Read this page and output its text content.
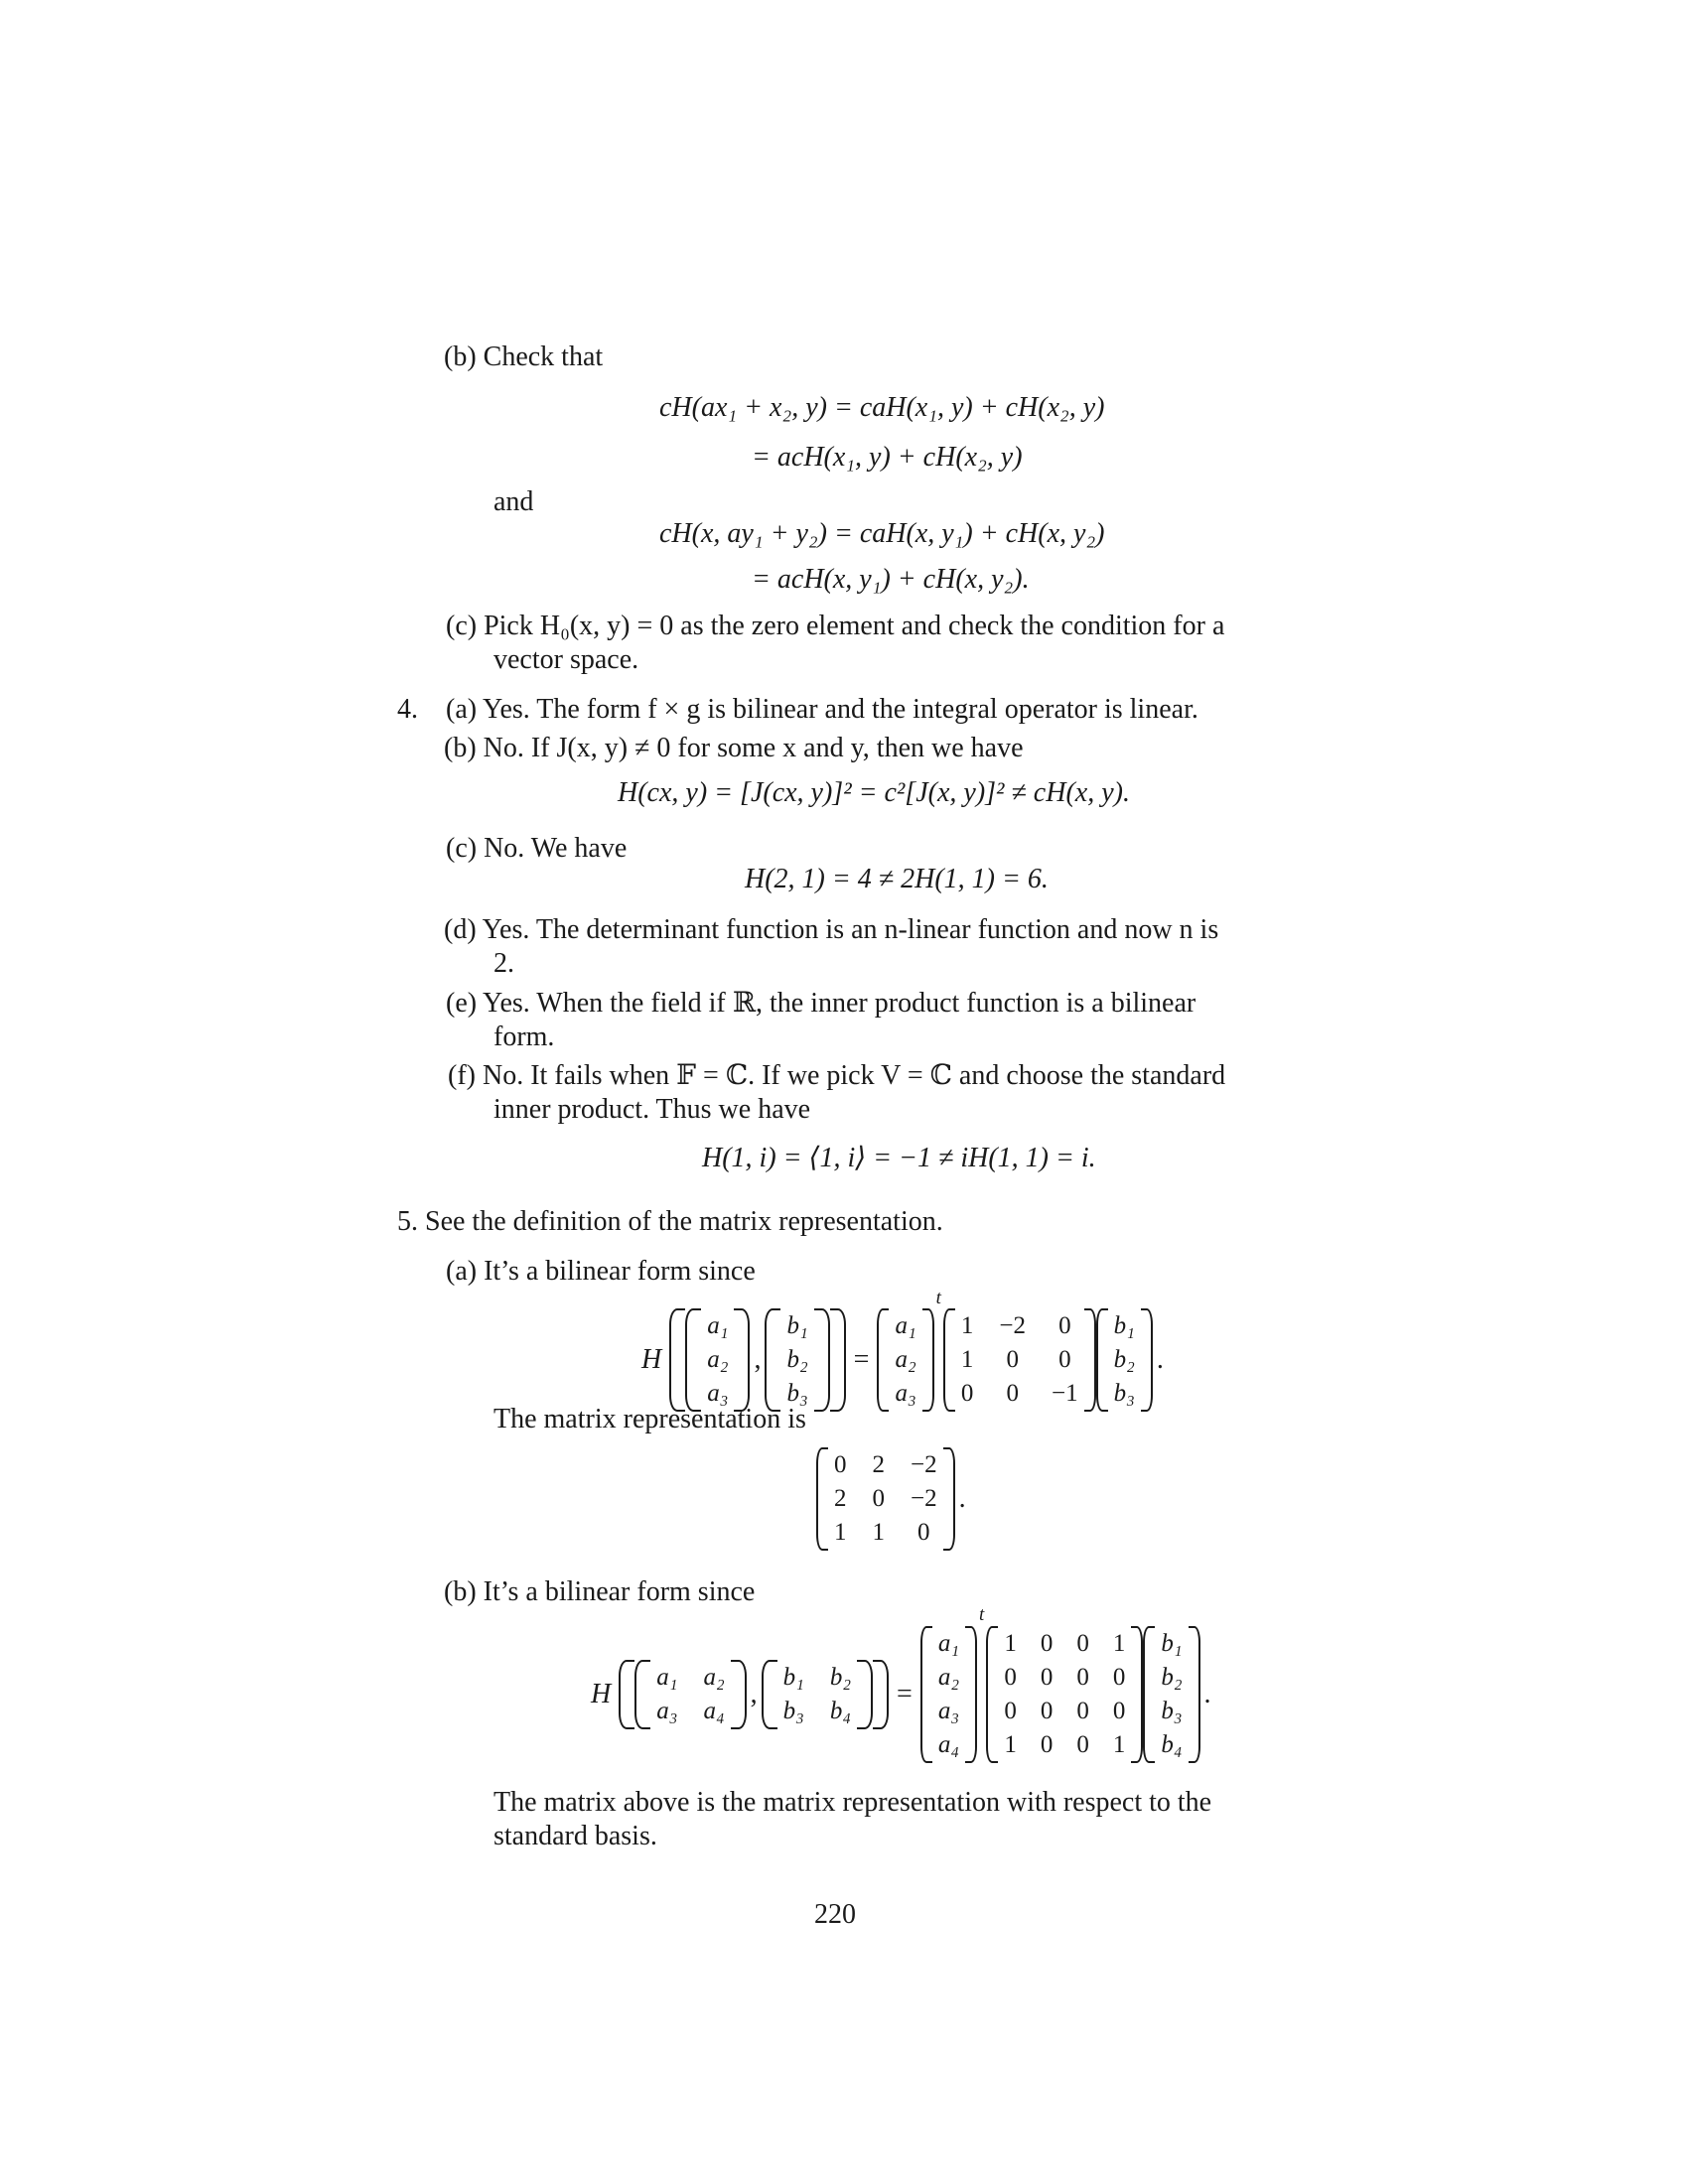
(b) Check that
cH(ax₁ + x₂, y) = caH(x₁, y) + cH(x₂, y)
= acH(x₁, y) + cH(x₂, y)
and
cH(x, ay₁ + y₂) = caH(x, y₁) + cH(x, y₂)
= acH(x, y₁) + cH(x, y₂).
(c) Pick H₀(x, y) = 0 as the zero element and check the condition for a
vector space.
4. (a) Yes. The form f × g is bilinear and the integral operator is linear.
(b) No. If J(x, y) ≠ 0 for some x and y, then we have
H(cx, y) = [J(cx, y)]² = c²[J(x, y)]² ≠ cH(x, y).
(c) No. We have
H(2, 1) = 4 ≠ 2H(1, 1) = 6.
(d) Yes. The determinant function is an n-linear function and now n is
2.
(e) Yes. When the field if ℝ, the inner product function is a bilinear
form.
(f) No. It fails when 𝔽 = ℂ. If we pick V = ℂ and choose the standard
inner product. Thus we have
H(1, i) = ⟨1, i⟩ = −1 ≠ iH(1, 1) = i.
5. See the definition of the matrix representation.
(a) It’s a bilinear form since
H
a₁
a₂
a₃
,
b₁
b₂
b₃
=
a₁
a₂
a₃
t
1 −2 0
1 0 0
0 0 −1
b₁
b₂
b₃
.
The matrix representation is
0 2 −2
2 0 −2
1 1 0
.
(b) It’s a bilinear form since
H
a₁ a₂
a₃ a₄
,
b₁ b₂
b₃ b₄
=
a₁
a₂
a₃
a₄
t
1 0 0 1
0 0 0 0
0 0 0 0
1 0 0 1
b₁
b₂
b₃
b₄
.
The matrix above is the matrix representation with respect to the
standard basis.
220
